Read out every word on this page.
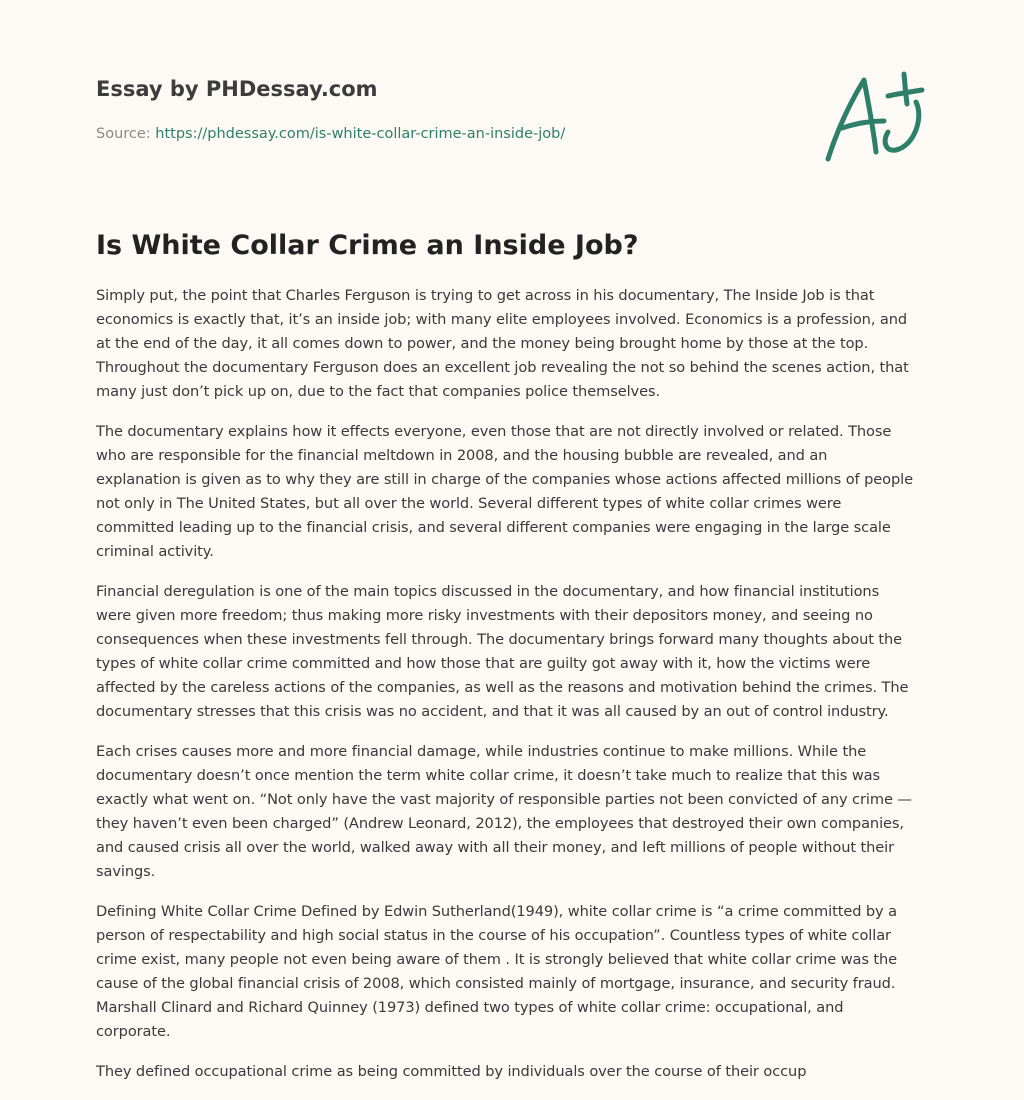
Essay by PHDessay.com
Source: https://phdessay.com/is-white-collar-crime-an-inside-job/
Is White Collar Crime an Inside Job?

Simply put, the point that Charles Ferguson is trying to get across in his documentary, The Inside Job is that
economics is exactly that, it’s an inside job; with many elite employees involved. Economics is a profession, and
at the end of the day, it all comes down to power, and the money being brought home by those at the top.
Throughout the documentary Ferguson does an excellent job revealing the not so behind the scenes action, that
many just don’t pick up on, due to the fact that companies police themselves.

The documentary explains how it effects everyone, even those that are not directly involved or related. Those
who are responsible for the financial meltdown in 2008, and the housing bubble are revealed, and an
explanation is given as to why they are still in charge of the companies whose actions affected millions of people
not only in The United States, but all over the world. Several different types of white collar crimes were
committed leading up to the financial crisis, and several different companies were engaging in the large scale
criminal activity.

Financial deregulation is one of the main topics discussed in the documentary, and how financial institutions
were given more freedom; thus making more risky investments with their depositors money, and seeing no
consequences when these investments fell through. The documentary brings forward many thoughts about the
types of white collar crime committed and how those that are guilty got away with it, how the victims were
affected by the careless actions of the companies, as well as the reasons and motivation behind the crimes. The
documentary stresses that this crisis was no accident, and that it was all caused by an out of control industry.

Each crises causes more and more financial damage, while industries continue to make millions. While the
documentary doesn’t once mention the term white collar crime, it doesn’t take much to realize that this was
exactly what went on. “Not only have the vast majority of responsible parties not been convicted of any crime —
they haven’t even been charged” (Andrew Leonard, 2012), the employees that destroyed their own companies,
and caused crisis all over the world, walked away with all their money, and left millions of people without their
savings.

Defining White Collar Crime Defined by Edwin Sutherland(1949), white collar crime is “a crime committed by a
person of respectability and high social status in the course of his occupation”. Countless types of white collar
crime exist, many people not even being aware of them . It is strongly believed that white collar crime was the
cause of the global financial crisis of 2008, which consisted mainly of mortgage, insurance, and security fraud.
Marshall Clinard and Richard Quinney (1973) defined two types of white collar crime: occupational, and
corporate.

They defined occupational crime as being committed by individuals over the course of their occup
